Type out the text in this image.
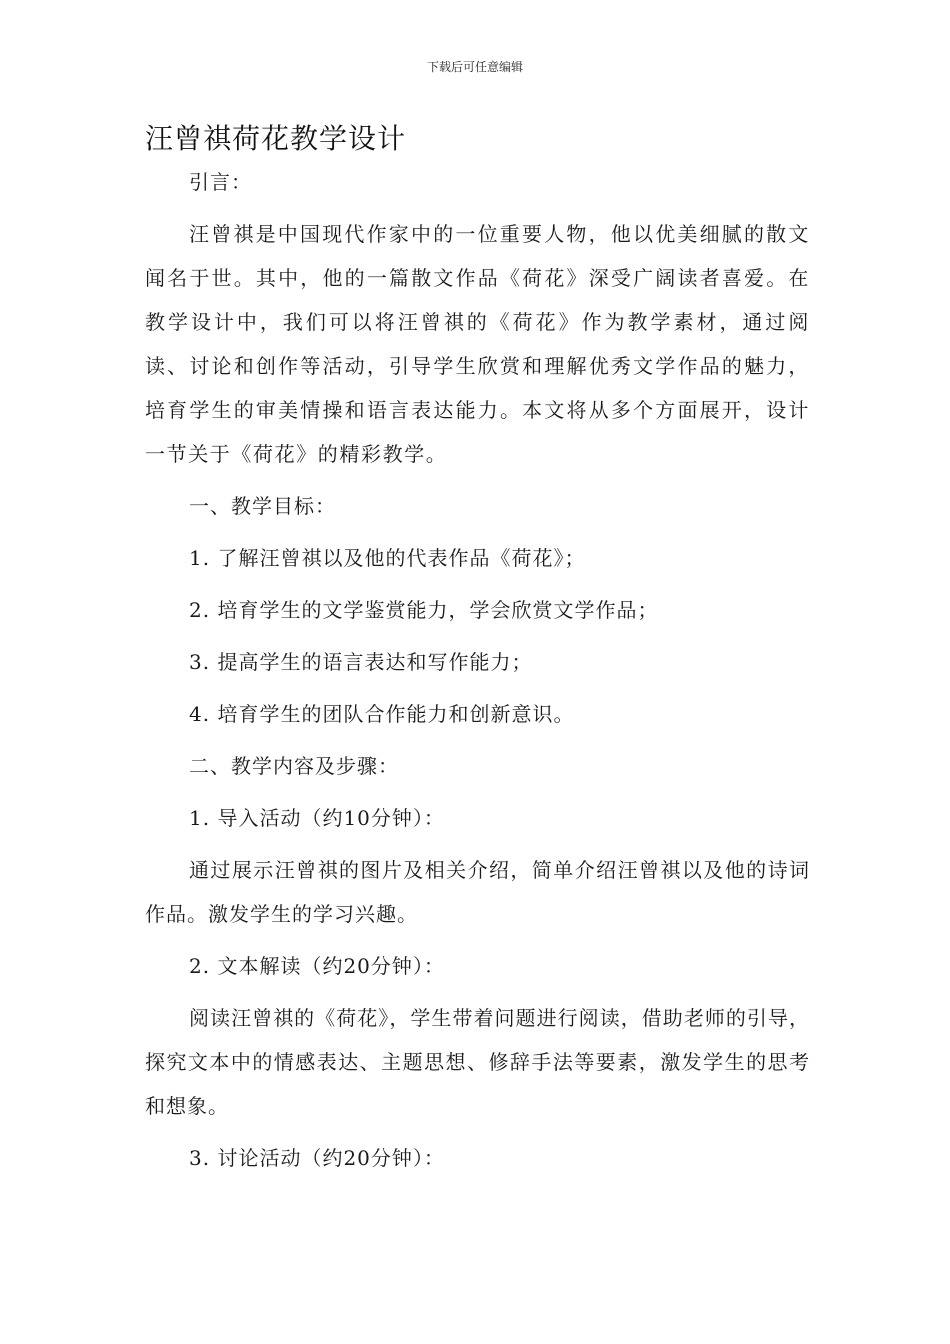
下载后可任意编辑
汪曾祺荷花教学设计

引言：

汪曾祺是中国现代作家中的一位重要人物，他以优美细腻的散文闻名于世。其中，他的一篇散文作品《荷花》深受广阔读者喜爱。在教学设计中，我们可以将汪曾祺的《荷花》作为教学素材，通过阅读、讨论和创作等活动，引导学生欣赏和理解优秀文学作品的魅力，培育学生的审美情操和语言表达能力。本文将从多个方面展开，设计一节关于《荷花》的精彩教学。

一、教学目标：

1. 了解汪曾祺以及他的代表作品《荷花》；

2. 培育学生的文学鉴赏能力，学会欣赏文学作品；

3. 提高学生的语言表达和写作能力；

4. 培育学生的团队合作能力和创新意识。

二、教学内容及步骤：

1. 导入活动（约10分钟）：

通过展示汪曾祺的图片及相关介绍，简单介绍汪曾祺以及他的诗词作品。激发学生的学习兴趣。

2. 文本解读（约20分钟）：

阅读汪曾祺的《荷花》，学生带着问题进行阅读，借助老师的引导，探究文本中的情感表达、主题思想、修辞手法等要素，激发学生的思考和想象。

3. 讨论活动（约20分钟）：
